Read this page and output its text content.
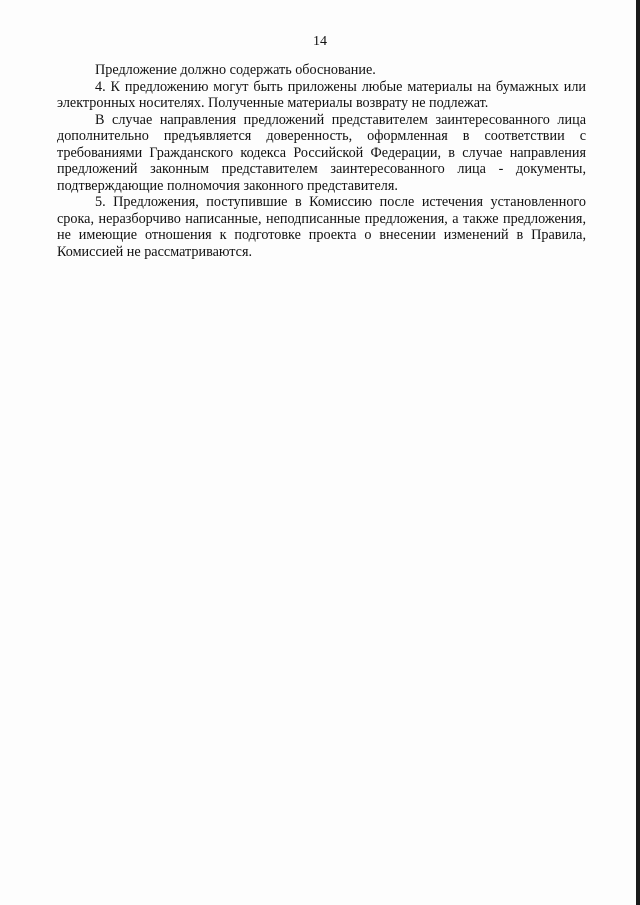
14

Предложение должно содержать обоснование.

4. К предложению могут быть приложены любые материалы на бумажных или электронных носителях. Полученные материалы возврату не подлежат.

В случае направления предложений представителем заинтересованного лица дополнительно предъявляется доверенность, оформленная в соответствии с требованиями Гражданского кодекса Российской Федерации, в случае направления предложений законным представителем заинтересованного лица - документы, подтверждающие полномочия законного представителя.

5. Предложения, поступившие в Комиссию после истечения установленного срока, неразборчиво написанные, неподписанные предложения, а также предложения, не имеющие отношения к подготовке проекта о внесении изменений в Правила, Комиссией не рассматриваются.
